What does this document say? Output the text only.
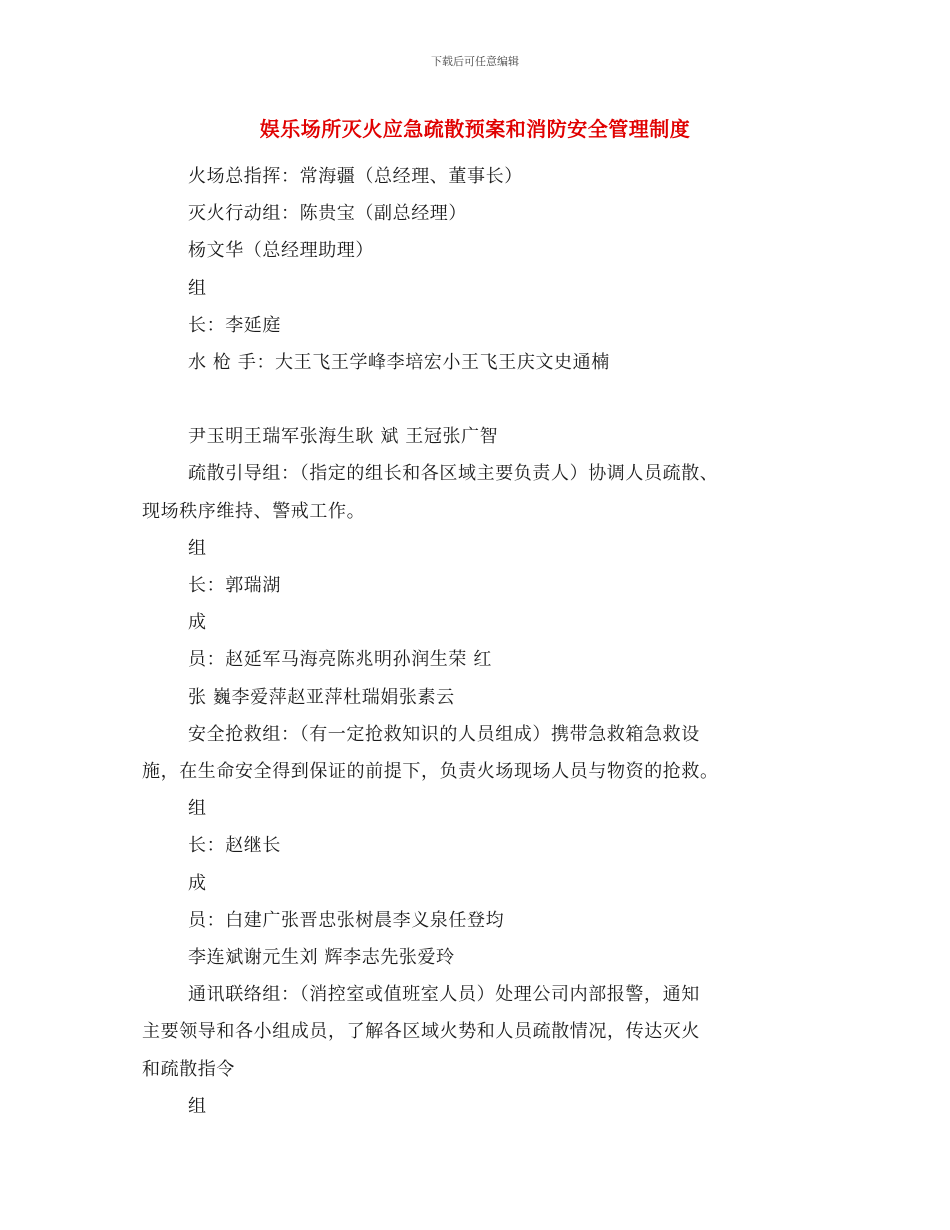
下载后可任意编辑
娱乐场所灭火应急疏散预案和消防安全管理制度

火场总指挥：常海疆（总经理、董事长）

灭火行动组：陈贵宝（副总经理）

杨文华（总经理助理）

组

长：李延庭

水 枪 手：大王飞王学峰李培宏小王飞王庆文史通楠

尹玉明王瑞军张海生耿 斌 王冠张广智

疏散引导组：（指定的组长和各区域主要负责人）协调人员疏散、

现场秩序维持、警戒工作。

组

长：郭瑞湖

成

员：赵延军马海亮陈兆明孙润生荣 红

张 巍李爱萍赵亚萍杜瑞娟张素云

安全抢救组：（有一定抢救知识的人员组成）携带急救箱急救设

施，在生命安全得到保证的前提下，负责火场现场人员与物资的抢救。

组

长：赵继长

成

员：白建广张晋忠张树晨李义泉任登均

李连斌谢元生刘 辉李志先张爱玲

通讯联络组：（消控室或值班室人员）处理公司内部报警，通知

主要领导和各小组成员，了解各区域火势和人员疏散情况，传达灭火

和疏散指令

组
